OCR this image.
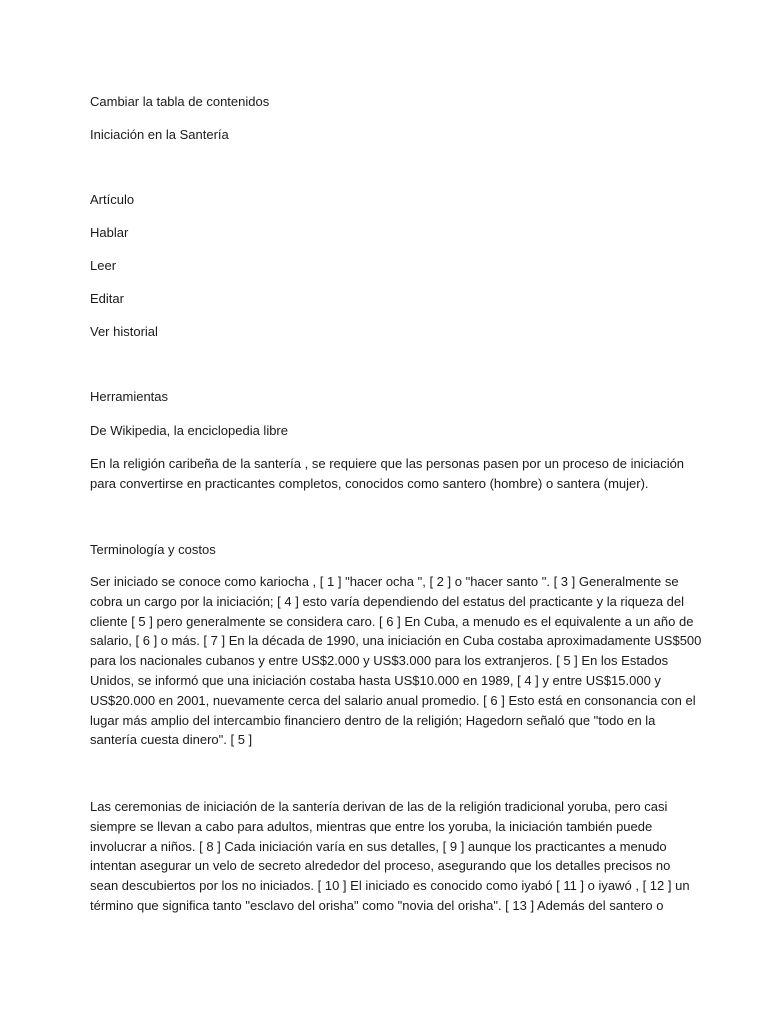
Cambiar la tabla de contenidos
Iniciación en la Santería
Artículo
Hablar
Leer
Editar
Ver historial
Herramientas
De Wikipedia, la enciclopedia libre
En la religión caribeña de la santería , se requiere que las personas pasen por un proceso de iniciación
para convertirse en practicantes completos, conocidos como santero (hombre) o santera (mujer).
Terminología y costos
Ser iniciado se conoce como kariocha , [ 1 ] "hacer ocha ", [ 2 ] o "hacer santo ". [ 3 ] Generalmente se
cobra un cargo por la iniciación; [ 4 ] esto varía dependiendo del estatus del practicante y la riqueza del
cliente [ 5 ] pero generalmente se considera caro. [ 6 ] En Cuba, a menudo es el equivalente a un año de
salario, [ 6 ] o más. [ 7 ] En la década de 1990, una iniciación en Cuba costaba aproximadamente US$500
para los nacionales cubanos y entre US$2.000 y US$3.000 para los extranjeros. [ 5 ] En los Estados
Unidos, se informó que una iniciación costaba hasta US$10.000 en 1989, [ 4 ] y entre US$15.000 y
US$20.000 en 2001, nuevamente cerca del salario anual promedio. [ 6 ] Esto está en consonancia con el
lugar más amplio del intercambio financiero dentro de la religión; Hagedorn señaló que "todo en la
santería cuesta dinero". [ 5 ]
Las ceremonias de iniciación de la santería derivan de las de la religión tradicional yoruba, pero casi
siempre se llevan a cabo para adultos, mientras que entre los yoruba, la iniciación también puede
involucrar a niños. [ 8 ] Cada iniciación varía en sus detalles, [ 9 ] aunque los practicantes a menudo
intentan asegurar un velo de secreto alrededor del proceso, asegurando que los detalles precisos no
sean descubiertos por los no iniciados. [ 10 ] El iniciado es conocido como iyabó [ 11 ] o iyawó , [ 12 ] un
término que significa tanto "esclavo del orisha" como "novia del orisha". [ 13 ] Además del santero o
